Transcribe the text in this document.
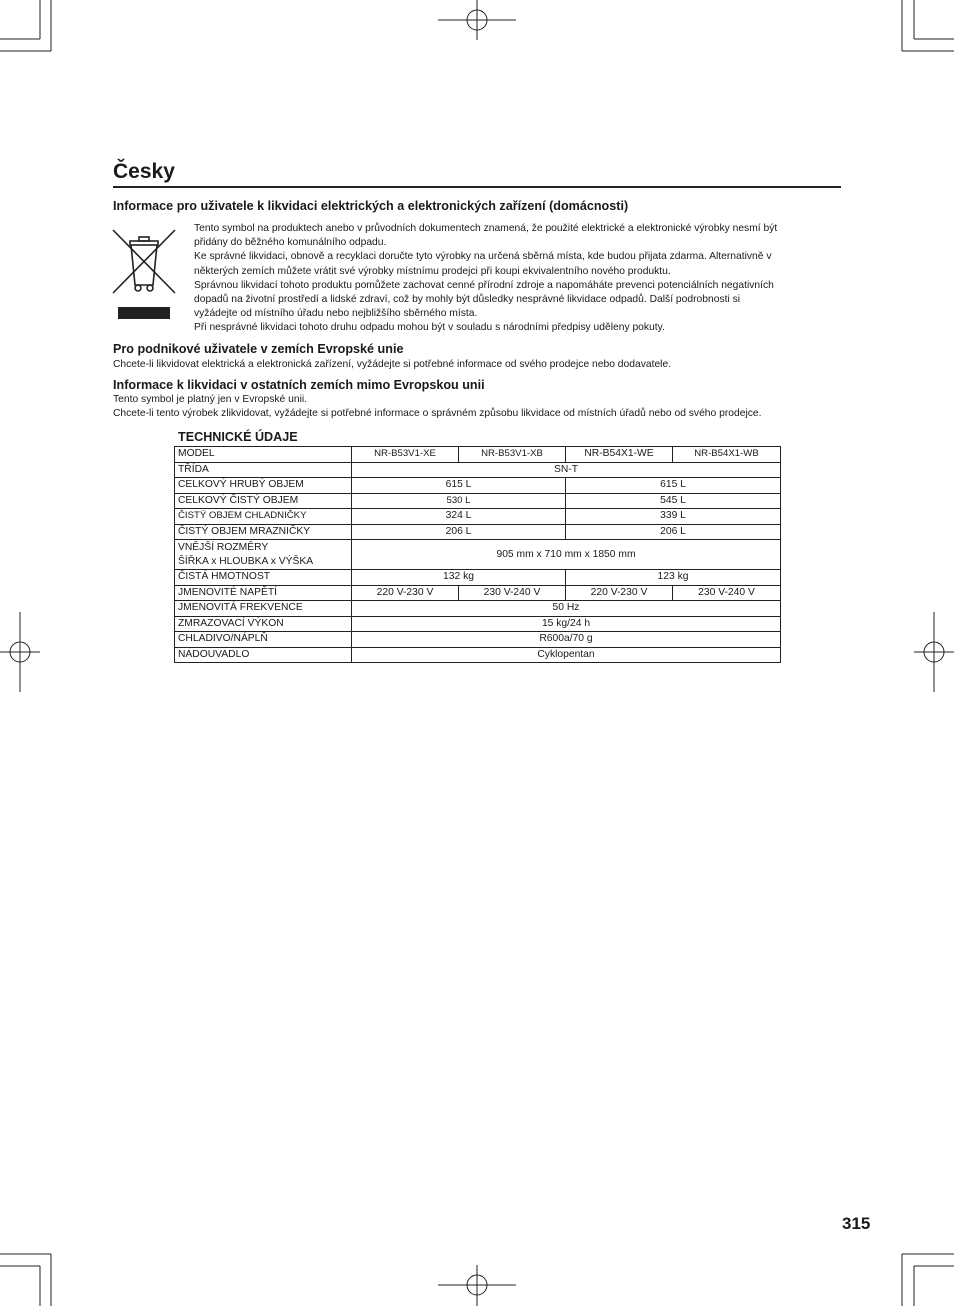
Česky
Informace pro uživatele k likvidaci elektrických a elektronických zařízení (domácnosti)

Tento symbol na produktech anebo v průvodních dokumentech znamená, že použité elektrické a elektronické výrobky nesmí být

přidány do běžného komunálního odpadu.

Ke správné likvidaci, obnově a recyklaci doručte tyto výrobky na určená sběrná místa, kde budou přijata zdarma. Alternativně v

některých zemích můžete vrátit své výrobky místnímu prodejci při koupi ekvivalentního nového produktu.

Správnou likvidací tohoto produktu pomůžete zachovat cenné přírodní zdroje a napomáháte prevenci potenciálních negativních

dopadů na životní prostředí a lidské zdraví, což by mohly být důsledky nesprávné likvidace odpadů. Další podrobnosti si

vyžádejte od místního úřadu nebo nejbližšího sběrného místa.

Při nesprávné likvidaci tohoto druhu odpadu mohou být v souladu s národními předpisy uděleny pokuty.

Pro podnikové uživatele v zemích Evropské unie

Chcete-li likvidovat elektrická a elektronická zařízení, vyžádejte si potřebné informace od svého prodejce nebo dodavatele.

Informace k likvidaci v ostatních zemích mimo Evropskou unii

Tento symbol je platný jen v Evropské unii.

Chcete-li tento výrobek zlikvidovat, vyžádejte si potřebné informace o správném způsobu likvidace od místních úřadů nebo od svého prodejce.

TECHNICKÉ ÚDAJE
MODEL	NR-B53V1-XE	NR-B53V1-XB	NR-B54X1-WE	NR-B54X1-WB
TŘÍDA	SN-T			
CELKOVÝ HRUBÝ OBJEM	615 L		615 L	
CELKOVÝ ČISTÝ OBJEM	530 L		545 L	
ČISTÝ OBJEM CHLADNIČKY	324 L		339 L	
ČISTÝ OBJEM MRAZNIČKY	206 L		206 L	
VNĚJŠÍ ROZMĚRY
ŠÍŘKA x HLOUBKA x VÝŠKA	905 mm x 710 mm x 1850 mm			
ČISTÁ HMOTNOST	132 kg		123 kg	
JMENOVITÉ NAPĚTÍ	220 V-230 V	230 V-240 V	220 V-230 V	230 V-240 V
JMENOVITÁ FREKVENCE	50 Hz			
ZMRAZOVACÍ VÝKON	15 kg/24 h			
CHLADIVO/NÁPLŇ	R600a/70 g			
NADOUVADLO	Cyklopentan			
315
